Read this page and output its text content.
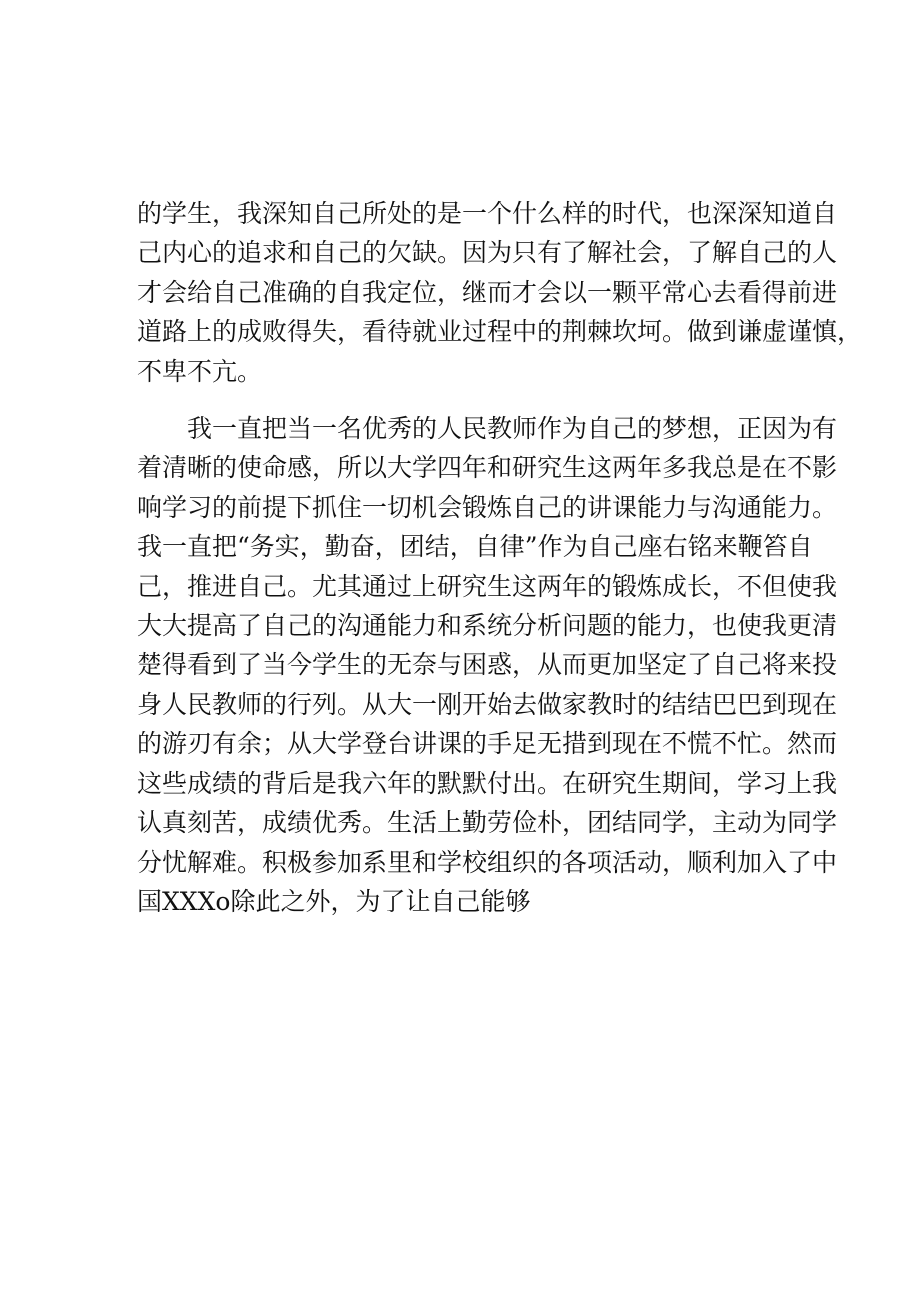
的学生，我深知自己所处的是一个什么样的时代，也深深知道自
己内心的追求和自己的欠缺。因为只有了解社会，了解自己的人
才会给自己准确的自我定位，继而才会以一颗平常心去看得前进
道路上的成败得失，看待就业过程中的荆棘坎坷。做到谦虚谨慎，
不卑不亢。

　　我一直把当一名优秀的人民教师作为自己的梦想，正因为有
着清晰的使命感，所以大学四年和研究生这两年多我总是在不影
响学习的前提下抓住一切机会锻炼自己的讲课能力与沟通能力。
我一直把“务实，勤奋，团结，自律”作为自己座右铭来鞭笞自
己，推进自己。尤其通过上研究生这两年的锻炼成长，不但使我
大大提高了自己的沟通能力和系统分析问题的能力，也使我更清
楚得看到了当今学生的无奈与困惑，从而更加坚定了自己将来投
身人民教师的行列。从大一刚开始去做家教时的结结巴巴到现在
的游刃有余；从大学登台讲课的手足无措到现在不慌不忙。然而
这些成绩的背后是我六年的默默付出。在研究生期间，学习上我
认真刻苦，成绩优秀。生活上勤劳俭朴，团结同学，主动为同学
分忧解难。积极参加系里和学校组织的各项活动，顺利加入了中
国XXXo除此之外，为了让自己能够
